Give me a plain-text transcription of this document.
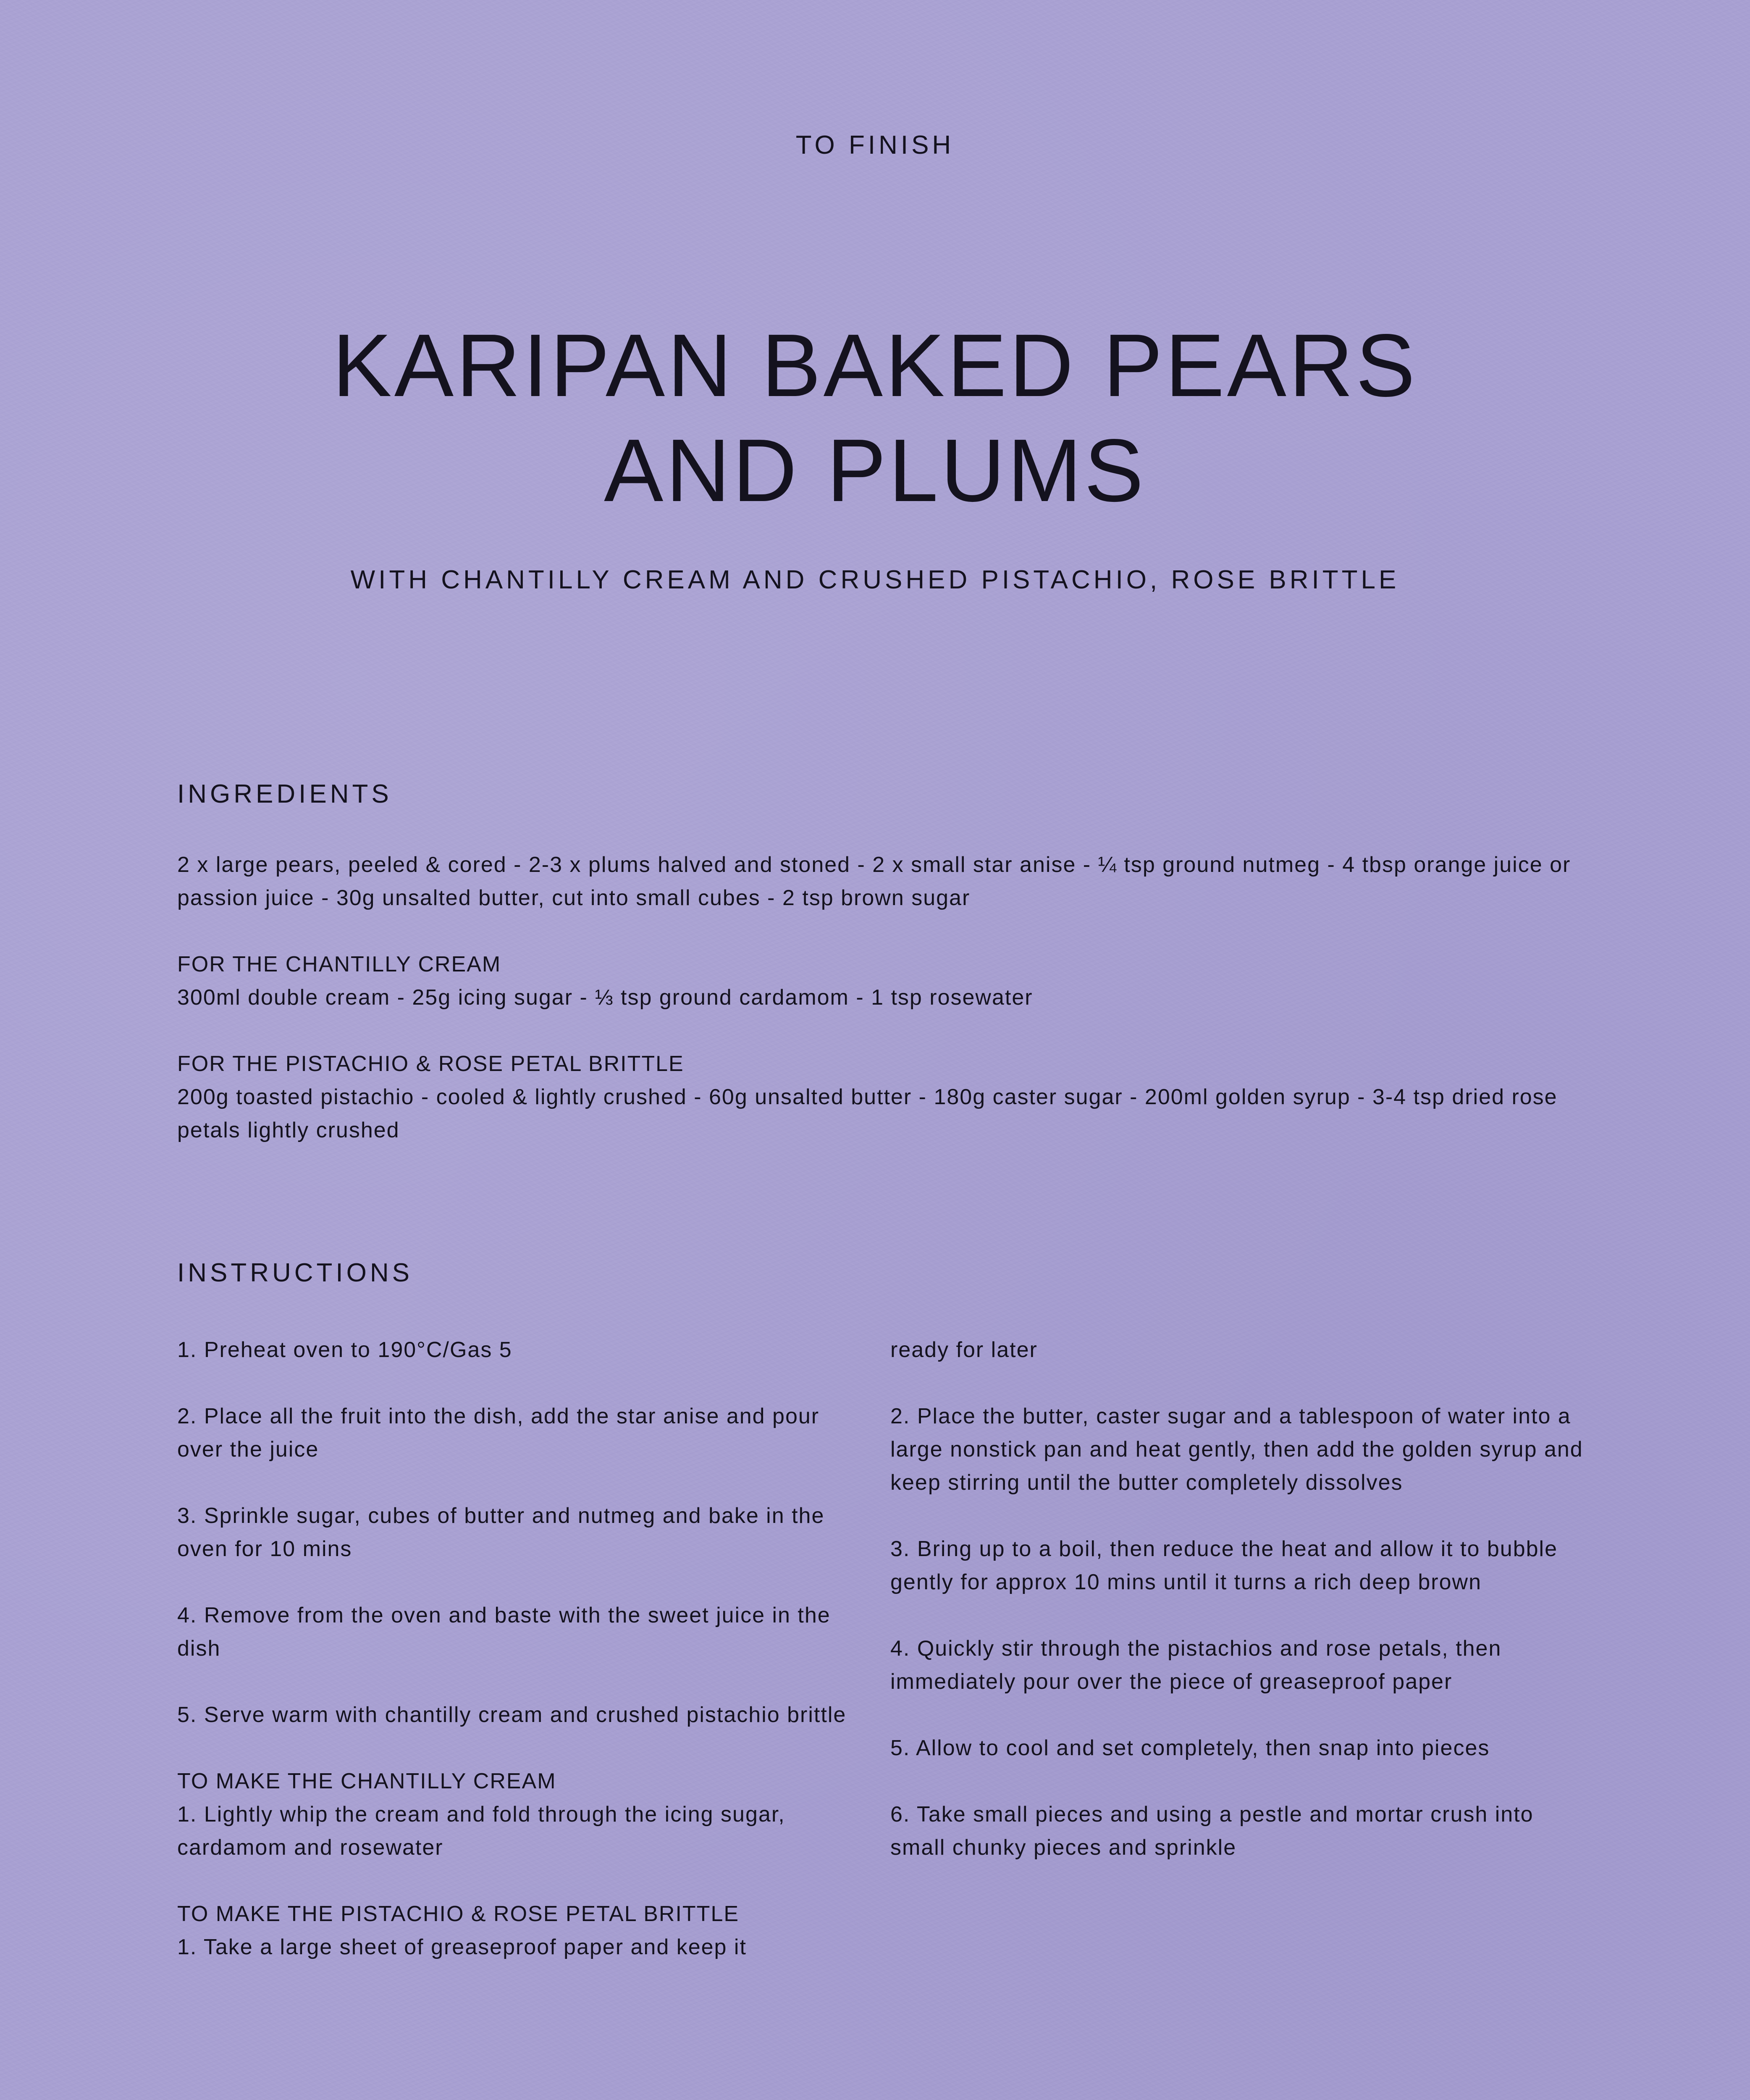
TO FINISH
KARIPAN BAKED PEARS
AND PLUMS
WITH CHANTILLY CREAM AND CRUSHED PISTACHIO, ROSE BRITTLE
INGREDIENTS

2 x large pears, peeled & cored - 2-3 x plums halved and stoned - 2 x small star anise - ¼ tsp ground nutmeg - 4 tbsp orange juice or passion juice - 30g unsalted butter, cut into small cubes - 2 tsp brown sugar

FOR THE CHANTILLY CREAM
300ml double cream - 25g icing sugar - ⅓ tsp ground cardamom - 1 tsp rosewater

FOR THE PISTACHIO & ROSE PETAL BRITTLE
200g toasted pistachio - cooled & lightly crushed - 60g unsalted butter - 180g caster sugar - 200ml golden syrup - 3-4 tsp dried rose petals lightly crushed

INSTRUCTIONS

1. Preheat oven to 190°C/Gas 5

2. Place all the fruit into the dish, add the star anise and pour over the juice

3. Sprinkle sugar, cubes of butter and nutmeg and bake in the oven for 10 mins

4. Remove from the oven and baste with the sweet juice in the dish

5. Serve warm with chantilly cream and crushed pistachio brittle

TO MAKE THE CHANTILLY CREAM
1. Lightly whip the cream and fold through the icing sugar, cardamom and rosewater

TO MAKE THE PISTACHIO & ROSE PETAL BRITTLE
1. Take a large sheet of greaseproof paper and keep it

ready for later

2. Place the butter, caster sugar and a tablespoon of water into a large nonstick pan and heat gently, then add the golden syrup and keep stirring until the butter completely dissolves

3. Bring up to a boil, then reduce the heat and allow it to bubble gently for approx 10 mins until it turns a rich deep brown

4. Quickly stir through the pistachios and rose petals, then immediately pour over the piece of greaseproof paper

5. Allow to cool and set completely, then snap into pieces

6. Take small pieces and using a pestle and mortar crush into small chunky pieces and sprinkle
